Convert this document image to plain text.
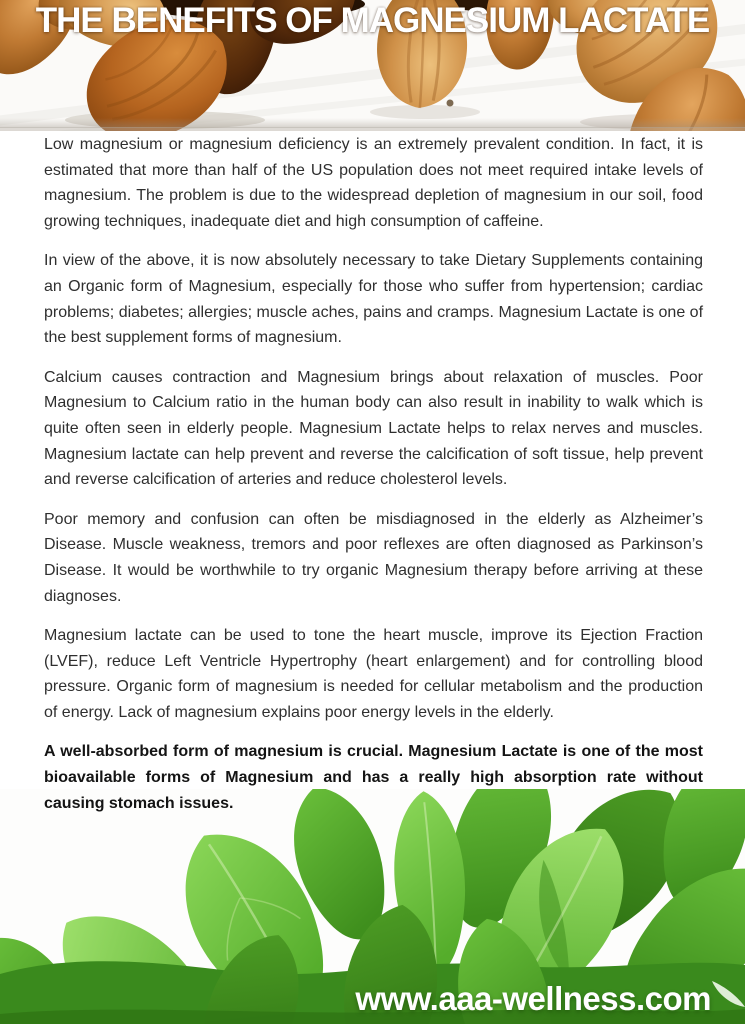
THE BENEFITS OF MAGNESIUM LACTATE

Low magnesium or magnesium deficiency is an extremely prevalent condition. In fact, it is estimated that more than half of the US population does not meet required intake levels of magnesium. The problem is due to the widespread depletion of magnesium in our soil, food growing techniques, inadequate diet and high consumption of caffeine.

In view of the above, it is now absolutely necessary to take Dietary Supplements containing an Organic form of Magnesium, especially for those who suffer from hypertension; cardiac problems; diabetes; allergies; muscle aches, pains and cramps. Magnesium Lactate is one of the best supplement forms of magnesium.

Calcium causes contraction and Magnesium brings about relaxation of muscles. Poor Magnesium to Calcium ratio in the human body can also result in inability to walk which is quite often seen in elderly people. Magnesium Lactate helps to relax nerves and muscles. Magnesium lactate can help prevent and reverse the calcification of soft tissue, help prevent and reverse calcification of arteries and reduce cholesterol levels.

Poor memory and confusion can often be misdiagnosed in the elderly as Alzheimer’s Disease. Muscle weakness, tremors and poor reflexes are often diagnosed as Parkinson’s Disease. It would be worthwhile to try organic Magnesium therapy before arriving at these diagnoses.

Magnesium lactate can be used to tone the heart muscle, improve its Ejection Fraction (LVEF), reduce Left Ventricle Hypertrophy (heart enlargement) and for controlling blood pressure. Organic form of magnesium is needed for cellular metabolism and the production of energy. Lack of magnesium explains poor energy levels in the elderly.

A well-absorbed form of magnesium is crucial. Magnesium Lactate is one of the most bioavailable forms of Magnesium and has a really high absorption rate without causing stomach issues.

www.aaa-wellness.com
